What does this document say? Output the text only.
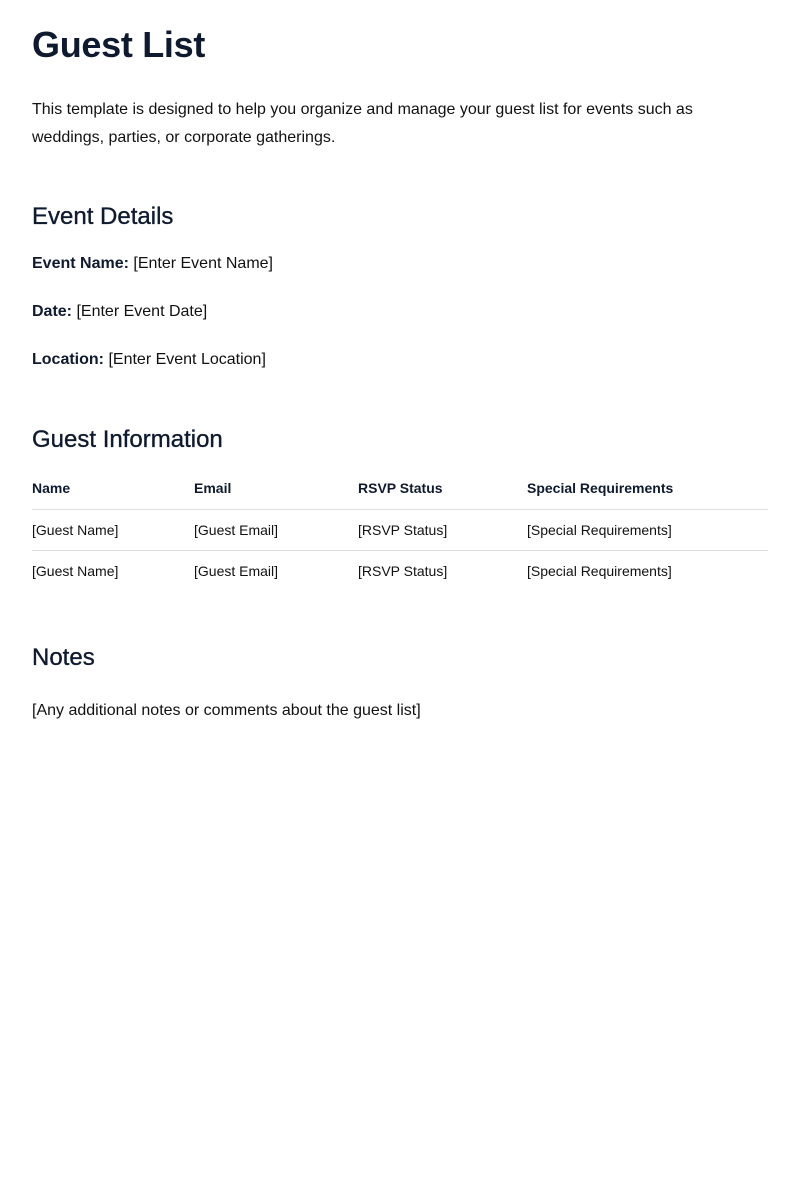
Guest List

This template is designed to help you organize and manage your guest list for events such as weddings, parties, or corporate gatherings.

Event Details

Event Name: [Enter Event Name]

Date: [Enter Event Date]

Location: [Enter Event Location]

Guest Information
Name	Email	RSVP Status	Special Requirements
[Guest Name]	[Guest Email]	[RSVP Status]	[Special Requirements]
[Guest Name]	[Guest Email]	[RSVP Status]	[Special Requirements]
Notes

[Any additional notes or comments about the guest list]
